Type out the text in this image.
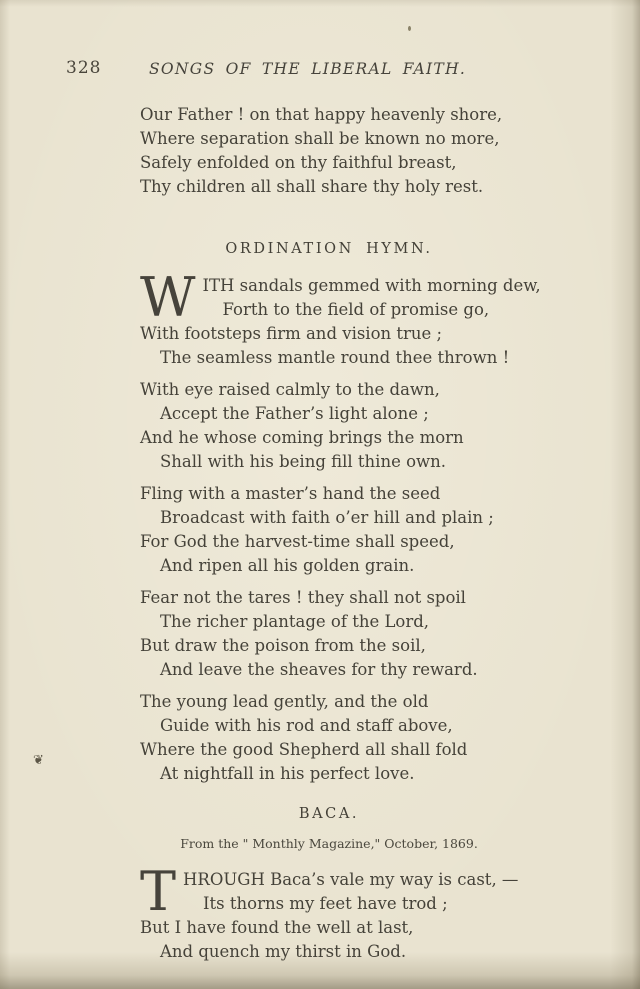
328	SONGS OF THE LIBERAL FAITH.
❦
Our Father ! on that happy heavenly shore,
Where separation shall be known no more,
Safely enfolded on thy faithful breast,
Thy children all shall share thy holy rest.
ORDINATION HYMN.
W ITH sandals gemmed with morning dew,
Forth to the field of promise go,
With footsteps firm and vision true ;
The seamless mantle round thee thrown !
With eye raised calmly to the dawn,
Accept the Father’s light alone ;
And he whose coming brings the morn
Shall with his being fill thine own.
Fling with a master’s hand the seed
Broadcast with faith o’er hill and plain ;
For God the harvest-time shall speed,
And ripen all his golden grain.
Fear not the tares ! they shall not spoil
The richer plantage of the Lord,
But draw the poison from the soil,
And leave the sheaves for thy reward.
The young lead gently, and the old
Guide with his rod and staff above,
Where the good Shepherd all shall fold
At nightfall in his perfect love.
BACA.
From the " Monthly Magazine," October, 1869.
T HROUGH Baca’s vale my way is cast, —
Its thorns my feet have trod ;
But I have found the well at last,
And quench my thirst in God.
